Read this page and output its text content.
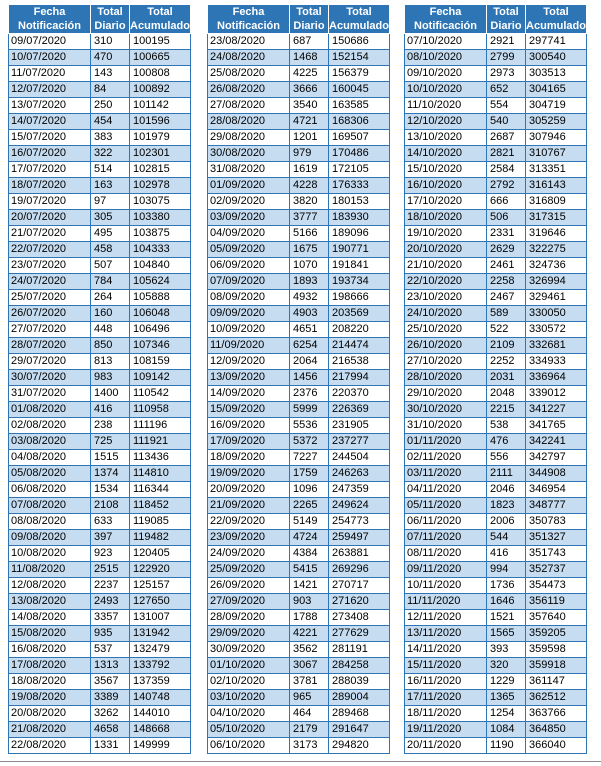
Fecha	Total	Total
Notificación	Diario	Acumulado
09/07/2020	310	100195
10/07/2020	470	100665
11/07/2020	143	100808
12/07/2020	84	100892
13/07/2020	250	101142
14/07/2020	454	101596
15/07/2020	383	101979
16/07/2020	322	102301
17/07/2020	514	102815
18/07/2020	163	102978
19/07/2020	97	103075
20/07/2020	305	103380
21/07/2020	495	103875
22/07/2020	458	104333
23/07/2020	507	104840
24/07/2020	784	105624
25/07/2020	264	105888
26/07/2020	160	106048
27/07/2020	448	106496
28/07/2020	850	107346
29/07/2020	813	108159
30/07/2020	983	109142
31/07/2020	1400	110542
01/08/2020	416	110958
02/08/2020	238	111196
03/08/2020	725	111921
04/08/2020	1515	113436
05/08/2020	1374	114810
06/08/2020	1534	116344
07/08/2020	2108	118452
08/08/2020	633	119085
09/08/2020	397	119482
10/08/2020	923	120405
11/08/2020	2515	122920
12/08/2020	2237	125157
13/08/2020	2493	127650
14/08/2020	3357	131007
15/08/2020	935	131942
16/08/2020	537	132479
17/08/2020	1313	133792
18/08/2020	3567	137359
19/08/2020	3389	140748
20/08/2020	3262	144010
21/08/2020	4658	148668
22/08/2020	1331	149999
Fecha	Total	Total
Notificación	Diario	Acumulado
23/08/2020	687	150686
24/08/2020	1468	152154
25/08/2020	4225	156379
26/08/2020	3666	160045
27/08/2020	3540	163585
28/08/2020	4721	168306
29/08/2020	1201	169507
30/08/2020	979	170486
31/08/2020	1619	172105
01/09/2020	4228	176333
02/09/2020	3820	180153
03/09/2020	3777	183930
04/09/2020	5166	189096
05/09/2020	1675	190771
06/09/2020	1070	191841
07/09/2020	1893	193734
08/09/2020	4932	198666
09/09/2020	4903	203569
10/09/2020	4651	208220
11/09/2020	6254	214474
12/09/2020	2064	216538
13/09/2020	1456	217994
14/09/2020	2376	220370
15/09/2020	5999	226369
16/09/2020	5536	231905
17/09/2020	5372	237277
18/09/2020	7227	244504
19/09/2020	1759	246263
20/09/2020	1096	247359
21/09/2020	2265	249624
22/09/2020	5149	254773
23/09/2020	4724	259497
24/09/2020	4384	263881
25/09/2020	5415	269296
26/09/2020	1421	270717
27/09/2020	903	271620
28/09/2020	1788	273408
29/09/2020	4221	277629
30/09/2020	3562	281191
01/10/2020	3067	284258
02/10/2020	3781	288039
03/10/2020	965	289004
04/10/2020	464	289468
05/10/2020	2179	291647
06/10/2020	3173	294820
Fecha	Total	Total
Notificación	Diario	Acumulado
07/10/2020	2921	297741
08/10/2020	2799	300540
09/10/2020	2973	303513
10/10/2020	652	304165
11/10/2020	554	304719
12/10/2020	540	305259
13/10/2020	2687	307946
14/10/2020	2821	310767
15/10/2020	2584	313351
16/10/2020	2792	316143
17/10/2020	666	316809
18/10/2020	506	317315
19/10/2020	2331	319646
20/10/2020	2629	322275
21/10/2020	2461	324736
22/10/2020	2258	326994
23/10/2020	2467	329461
24/10/2020	589	330050
25/10/2020	522	330572
26/10/2020	2109	332681
27/10/2020	2252	334933
28/10/2020	2031	336964
29/10/2020	2048	339012
30/10/2020	2215	341227
31/10/2020	538	341765
01/11/2020	476	342241
02/11/2020	556	342797
03/11/2020	2111	344908
04/11/2020	2046	346954
05/11/2020	1823	348777
06/11/2020	2006	350783
07/11/2020	544	351327
08/11/2020	416	351743
09/11/2020	994	352737
10/11/2020	1736	354473
11/11/2020	1646	356119
12/11/2020	1521	357640
13/11/2020	1565	359205
14/11/2020	393	359598
15/11/2020	320	359918
16/11/2020	1229	361147
17/11/2020	1365	362512
18/11/2020	1254	363766
19/11/2020	1084	364850
20/11/2020	1190	366040
